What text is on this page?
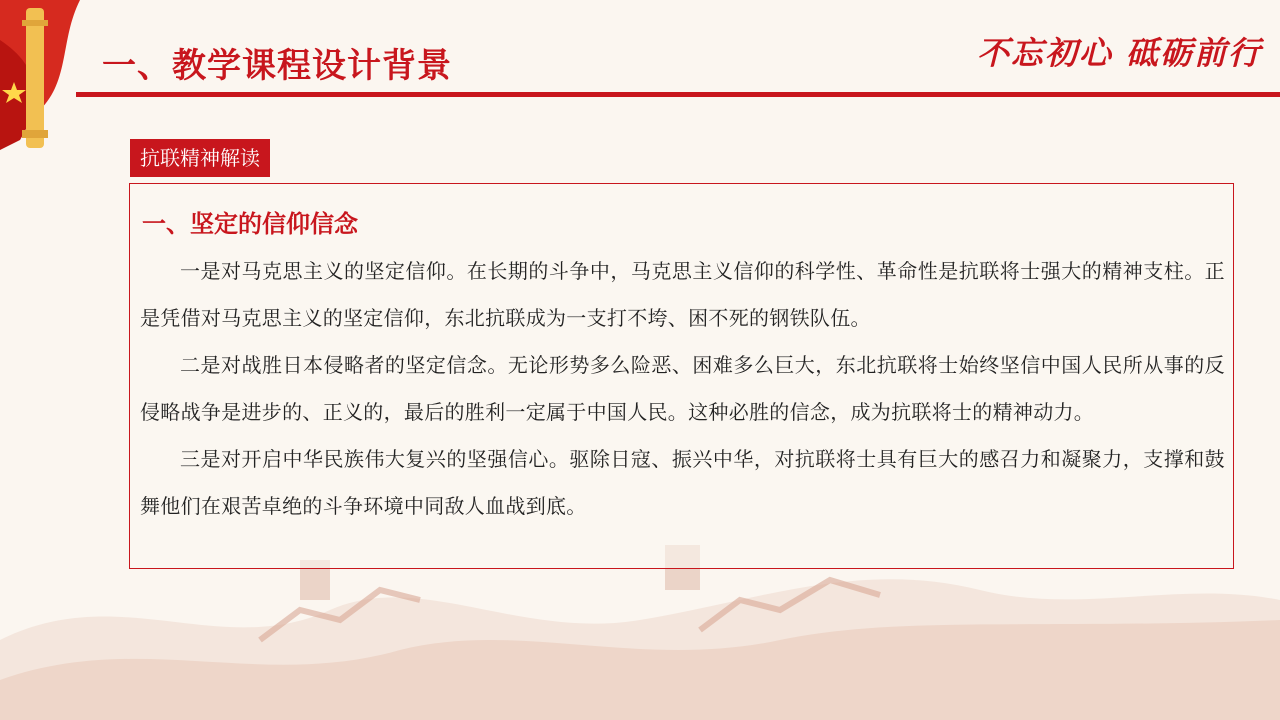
一、教学课程设计背景	不忘初心 砥砺前行
抗联精神解读
一、坚定的信仰信念

一是对马克思主义的坚定信仰。在长期的斗争中，马克思主义信仰的科学性、革命性是抗联将士强大的精神支柱。正是凭借对马克思主义的坚定信仰，东北抗联成为一支打不垮、困不死的钢铁队伍。

二是对战胜日本侵略者的坚定信念。无论形势多么险恶、困难多么巨大，东北抗联将士始终坚信中国人民所从事的反侵略战争是进步的、正义的，最后的胜利一定属于中国人民。这种必胜的信念，成为抗联将士的精神动力。

三是对开启中华民族伟大复兴的坚强信心。驱除日寇、振兴中华，对抗联将士具有巨大的感召力和凝聚力，支撑和鼓舞他们在艰苦卓绝的斗争环境中同敌人血战到底。
